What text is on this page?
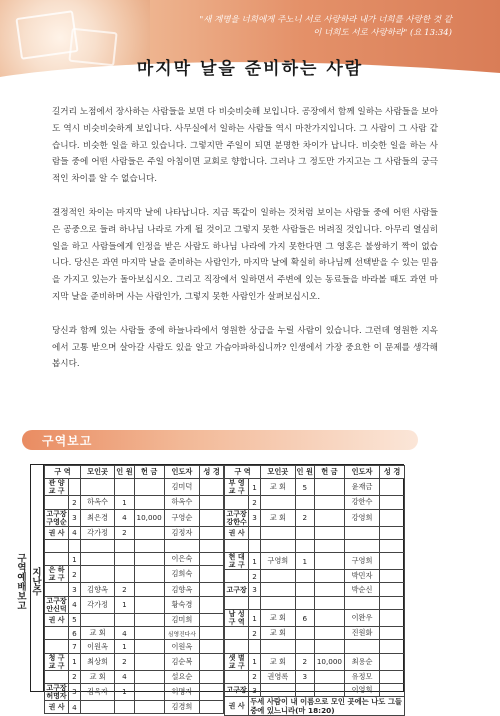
"새 계명을 너희에게 주노니 서로 사랑하라 내가 너희를 사랑한 것 같이 너희도 서로 사랑하라" (요 13:34)
마지막 날을 준비하는 사람

길거리 노점에서 장사하는 사람들을 보면 다 비슷비슷해 보입니다. 공장에서 함께 일하는 사람들을 보아도 역시 비슷비슷하게 보입니다. 사무실에서 일하는 사람들 역시 마찬가지입니다. 그 사람이 그 사람 같습니다. 비슷한 일을 하고 있습니다. 그렇지만 주일이 되면 분명한 차이가 납니다. 비슷한 일을 하는 사람들 중에 어떤 사람들은 주일 아침이면 교회로 향합니다. 그러나 그 정도만 가지고는 그 사람들의 궁극적인 차이를 알 수 없습니다.

결정적인 차이는 마지막 날에 나타납니다. 지금 똑같이 일하는 것처럼 보이는 사람들 중에 어떤 사람들은 공중으로 들려 하나님 나라로 가게 될 것이고 그렇지 못한 사람들은 버려질 것입니다. 아무리 열심히 일을 하고 사람들에게 인정을 받은 사람도 하나님 나라에 가지 못한다면 그 영혼은 불쌍하기 짝이 없습니다. 당신은 과연 마지막 날을 준비하는 사람인가, 마지막 날에 확실히 하나님께 선택받을 수 있는 믿음을 가지고 있는가 돌아보십시오. 그리고 직장에서 일하면서 주변에 있는 동료들을 바라볼 때도 과연 마지막 날을 준비하며 사는 사람인가, 그렇지 못한 사람인가 살펴보십시오.

당신과 함께 있는 사람들 중에 하늘나라에서 영원한 상급을 누릴 사람이 있습니다. 그런데 영원한 지옥에서 고통 받으며 살아갈 사람도 있을 알고 가슴아파하십니까? 인생에서 가장 중요한 이 문제를 생각해 봅시다.

구역보고
지난주
구역예배보고
구 역		모인곳	인 원	헌 금	인도자	성 경
관 양
교 구					김미덕	
	2	하옥수	1		하옥수	
고구장
구영순	3	최은경	4	10,000	구영순	
권 사	4	각가정	2		김정자	

	1				이은숙	
은 하
교 구	2				김희숙	
	3	김향옥	2		김향옥	
고구장
안신덕	4	각가정	1		황숙경	
권 사	5				김미희	
	6	교 회	4		심영진다사	
	7	이원옥	1		이원옥	
청 구
교 구	1	최상희	2		김순복	
	2	교 회	4		설요순	
고구장
허명자	3	김옥자	1		허명자	
권 사	4				김경희	
구 역		모인곳	인 원	헌 금	인도자	성 경
부 영
교 구	1	교 회	5		윤재금	
	2				강한수	
고구장
강한수	3	교 회	2		강영희	
권 사						

현 대
교 구	1	구영희	1		구영희	
	2				박민자	
고구장	3				박순신	

남 성
구 역	1	교 회	6		이완우	
	2	교 회			진원화	

샛 별
교 구	1	교 회	2	10,000	최용순	
	2	권영록	3		유정모	
고구장	3				이영희	
권 사	두세 사람이 내 이름으로 모인 곳에는 나도 그들 중에 있느니라(마 18:20)					
